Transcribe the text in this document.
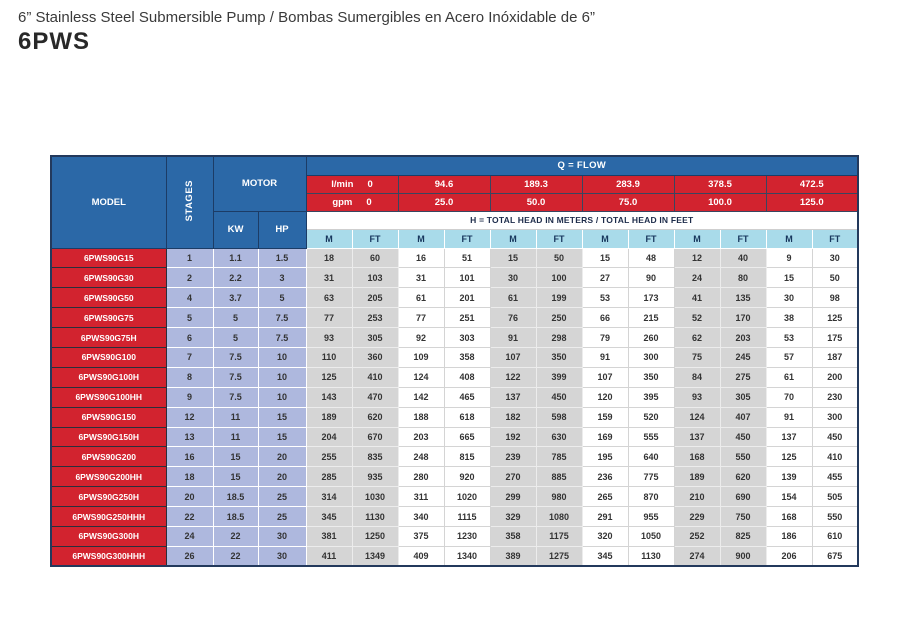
6” Stainless Steel Submersible Pump / Bombas Sumergibles en Acero Inóxidable de 6”
6PWS
MODEL	STAGES	MOTOR		Q = FLOW											

				l/min 0		94.6		189.3		283.9		378.5		472.5	

				gpm 0		25.0		50.0		75.0		100.0		125.0	
		KW	HP	H = TOTAL HEAD IN METERS / TOTAL HEAD IN FEET											
				M	FT	M	FT	M	FT	M	FT	M	FT	M	FT
6PWS90G15	1	1.1	1.5	18	60	16	51	15	50	15	48	12	40	9	30
6PWS90G30	2	2.2	3	31	103	31	101	30	100	27	90	24	80	15	50
6PWS90G50	4	3.7	5	63	205	61	201	61	199	53	173	41	135	30	98
6PWS90G75	5	5	7.5	77	253	77	251	76	250	66	215	52	170	38	125
6PWS90G75H	6	5	7.5	93	305	92	303	91	298	79	260	62	203	53	175
6PWS90G100	7	7.5	10	110	360	109	358	107	350	91	300	75	245	57	187
6PWS90G100H	8	7.5	10	125	410	124	408	122	399	107	350	84	275	61	200
6PWS90G100HH	9	7.5	10	143	470	142	465	137	450	120	395	93	305	70	230
6PWS90G150	12	11	15	189	620	188	618	182	598	159	520	124	407	91	300
6PWS90G150H	13	11	15	204	670	203	665	192	630	169	555	137	450	137	450
6PWS90G200	16	15	20	255	835	248	815	239	785	195	640	168	550	125	410
6PWS90G200HH	18	15	20	285	935	280	920	270	885	236	775	189	620	139	455
6PWS90G250H	20	18.5	25	314	1030	311	1020	299	980	265	870	210	690	154	505
6PWS90G250HHH	22	18.5	25	345	1130	340	1115	329	1080	291	955	229	750	168	550
6PWS90G300H	24	22	30	381	1250	375	1230	358	1175	320	1050	252	825	186	610
6PWS90G300HHH	26	22	30	411	1349	409	1340	389	1275	345	1130	274	900	206	675
